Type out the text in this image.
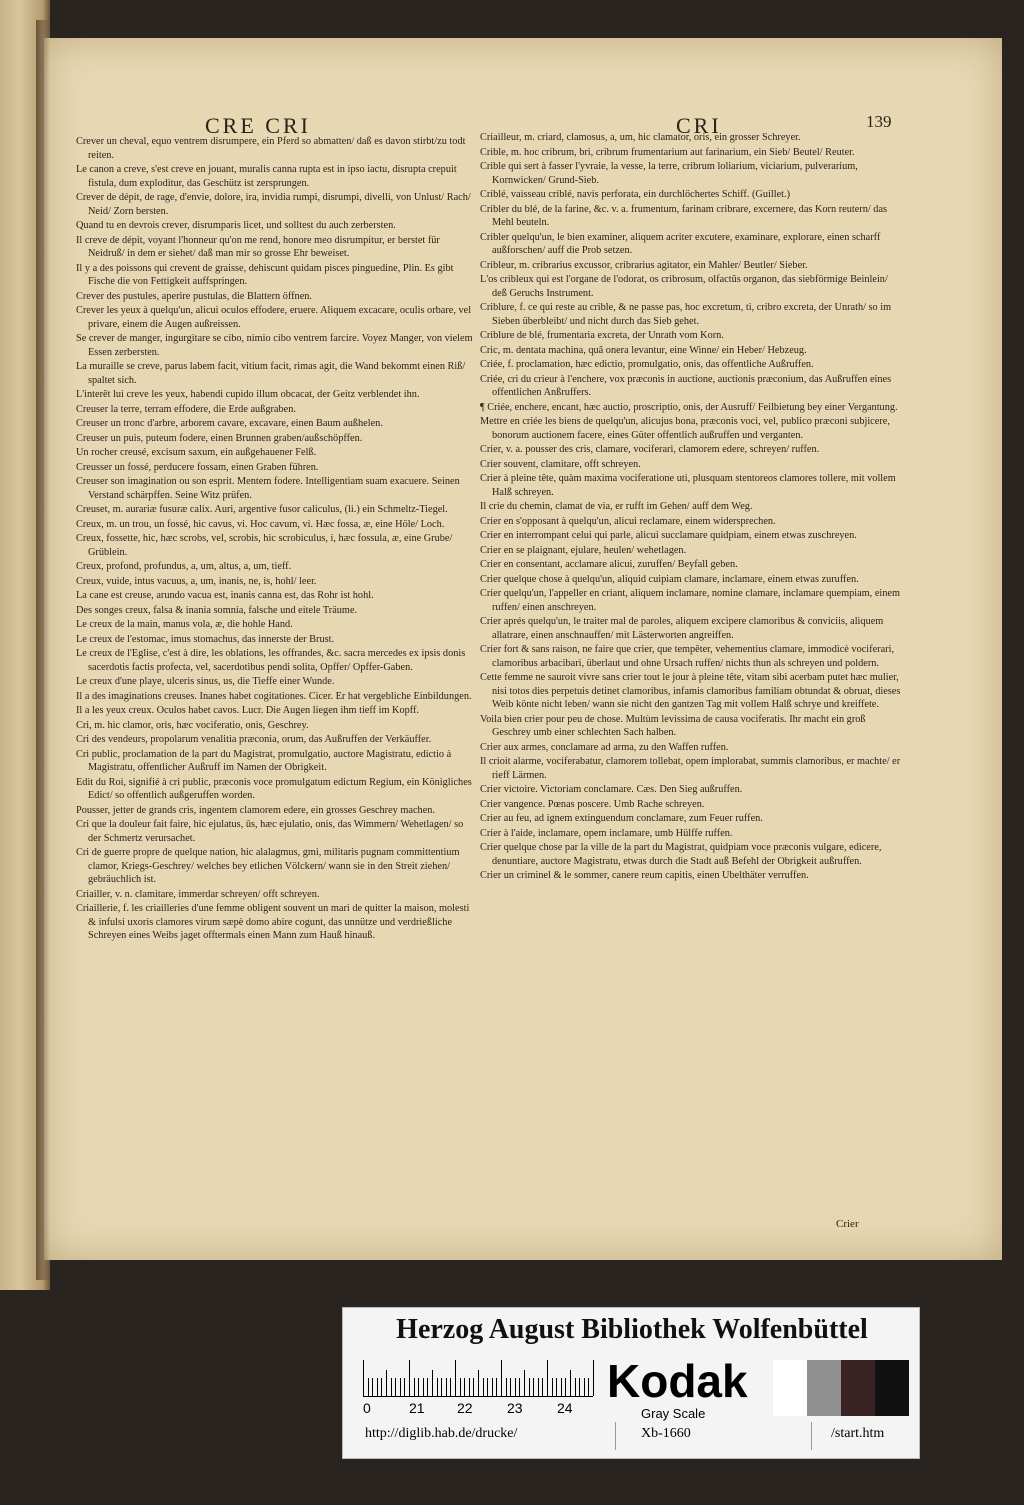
CRE CRI	CRI	139

Crever un cheval, equo ventrem disrumpere, ein Pferd so abmatten/ daß es davon stirbt/zu todt reiten.

Le canon a creve, s'est creve en jouant, muralis canna rupta est in ipso iactu, disrupta crepuit fistula, dum exploditur, das Geschütz ist zersprungen.

Crever de dépit, de rage, d'envie, dolore, ira, invidia rumpi, disrumpi, divelli, von Unlust/ Rach/ Neid/ Zorn bersten.

Quand tu en devrois crever, disrumparis licet, und solltest du auch zerbersten.

Il creve de dépit, voyant l'honneur qu'on me rend, honore meo disrumpitur, er berstet für Neidruß/ in dem er siehet/ daß man mir so grosse Ehr beweiset.

Il y a des poissons qui crevent de graisse, dehiscunt quidam pisces pinguedine, Plin. Es gibt Fische die von Fettigkeit auffspringen.

Crever des pustules, aperire pustulas, die Blattern öffnen.

Crever les yeux à quelqu'un, alicui oculos effodere, eruere. Aliquem excacare, oculis orbare, vel privare, einem die Augen außreissen.

Se crever de manger, ingurgitare se cibo, nimio cibo ventrem farcire. Voyez Manger, von vielem Essen zerbersten.

La muraille se creve, parus labem facit, vitium facit, rimas agit, die Wand bekommt einen Riß/ spaltet sich.

L'interêt lui creve les yeux, habendi cupido illum obcacat, der Geitz verblendet ihn.

Creuser la terre, terram effodere, die Erde außgraben.

Creuser un tronc d'arbre, arborem cavare, excavare, einen Baum außhelen.

Creuser un puis, puteum fodere, einen Brunnen graben/außschöpffen.

Un rocher creusé, excisum saxum, ein außgehauener Felß.

Creusser un fossé, perducere fossam, einen Graben führen.

Creuser son imagination ou son esprit. Mentem fodere. Intelligentiam suam exacuere. Seinen Verstand schärpffen. Seine Witz prüfen.

Creuset, m. aurariæ fusuræ calix. Auri, argentive fusor caliculus, (li.) ein Schmeltz-Tiegel.

Creux, m. un trou, un fossé, hic cavus, vi. Hoc cavum, vi. Hæc fossa, æ, eine Höle/ Loch.

Creux, fossette, hic, hæc scrobs, vel, scrobis, hic scrobiculus, i, hæc fossula, æ, eine Grube/ Grüblein.

Creux, profond, profundus, a, um, altus, a, um, tieff.

Creux, vuide, intus vacuus, a, um, inanis, ne, is, hohl/ leer.

La cane est creuse, arundo vacua est, inanis canna est, das Rohr ist hohl.

Des songes creux, falsa & inania somnia, falsche und eitele Träume.

Le creux de la main, manus vola, æ, die hohle Hand.

Le creux de l'estomac, imus stomachus, das innerste der Brust.

Le creux de l'Eglise, c'est à dire, les oblations, les offrandes, &c. sacra mercedes ex ipsis donis sacerdotis factis profecta, vel, sacerdotibus pendi solita, Opffer/ Opffer-Gaben.

Le creux d'une playe, ulceris sinus, us, die Tieffe einer Wunde.

Il a des imaginations creuses. Inanes habet cogitationes. Cicer. Er hat vergebliche Einbildungen.

Il a les yeux creux. Oculos habet cavos. Lucr. Die Augen liegen ihm tieff im Kopff.

Cri, m. hic clamor, oris, hæc vociferatio, onis, Geschrey.

Cri des vendeurs, propolarum venalitia præconia, orum, das Außruffen der Verkäuffer.

Cri public, proclamation de la part du Magistrat, promulgatio, auctore Magistratu, edictio à Magistratu, offentlicher Außruff im Namen der Obrigkeit.

Edit du Roi, signifié à cri public, præconis voce promulgatum edictum Regium, ein Königliches Edict/ so offentlich außgeruffen worden.

Pousser, jetter de grands cris, ingentem clamorem edere, ein grosses Geschrey machen.

Cri que la douleur fait faire, hic ejulatus, ûs, hæc ejulatio, onis, das Wimmern/ Wehetlagen/ so der Schmertz verursachet.

Cri de guerre propre de quelque nation, hic alalagmus, gmi, militaris pugnam committentium clamor, Kriegs-Geschrey/ welches bey etlichen Völckern/ wann sie in den Streit ziehen/ gebräuchlich ist.

Criailler, v. n. clamitare, immerdar schreyen/ offt schreyen.

Criaillerie, f. les criailleries d'une femme obligent souvent un mari de quitter la maison, molesti & infulsi uxoris clamores virum sæpè domo abire cogunt, das unnütze und verdrießliche Schreyen eines Weibs jaget offtermals einen Mann zum Hauß hinauß.

Criailleur, m. criard, clamosus, a, um, hic clamator, oris, ein grosser Schreyer.

Crible, m. hoc cribrum, bri, cribrum frumentarium aut farinarium, ein Sieb/ Beutel/ Reuter.

Crible qui sert à fasser l'yvraie, la vesse, la terre, cribrum loliarium, viciarium, pulverarium, Kornwicken/ Grund-Sieb.

Criblé, vaisseau criblé, navis perforata, ein durchlöchertes Schiff. (Guillet.)

Cribler du blé, de la farine, &c. v. a. frumentum, farinam cribrare, excernere, das Korn reutern/ das Mehl beuteln.

Cribler quelqu'un, le bien examiner, aliquem acriter excutere, examinare, explorare, einen scharff außforschen/ auff die Prob setzen.

Cribleur, m. cribrarius excussor, cribrarius agitator, ein Mahler/ Beutler/ Sieber.

L'os cribleux qui est l'organe de l'odorat, os cribrosum, olfactûs organon, das siebförmige Beinlein/ deß Geruchs Instrument.

Criblure, f. ce qui reste au crible, & ne passe pas, hoc excretum, ti, cribro excreta, der Unrath/ so im Sieben überbleibt/ und nicht durch das Sieb gehet.

Criblure de blé, frumentaria excreta, der Unrath vom Korn.

Cric, m. dentata machina, quâ onera levantur, eine Winne/ ein Heber/ Hebzeug.

Criée, f. proclamation, hæc edictio, promulgatio, onis, das offentliche Außruffen.

Criée, cri du crieur à l'enchere, vox præconis in auctione, auctionis præconium, das Außruffen eines offentlichen Anßruffers.

¶ Criée, enchere, encant, hæc auctio, proscriptio, onis, der Ausruff/ Feilbietung bey einer Vergantung.

Mettre en criée les biens de quelqu'un, alicujus bona, præconis voci, vel, publico præconi subjicere, bonorum auctionem facere, eines Güter offentlich außruffen und verganten.

Crier, v. a. pousser des cris, clamare, vociferari, clamorem edere, schreyen/ ruffen.

Crier souvent, clamitare, offt schreyen.

Crier à pleine tête, quàm maxima vociferatione uti, plusquam stentoreos clamores tollere, mit vollem Halß schreyen.

Il crie du chemin, clamat de via, er rufft im Gehen/ auff dem Weg.

Crier en s'opposant à quelqu'un, alicui reclamare, einem widersprechen.

Crier en interrompant celui qui parle, alicui succlamare quidpiam, einem etwas zuschreyen.

Crier en se plaignant, ejulare, heulen/ wehetlagen.

Crier en consentant, acclamare alicui, zuruffen/ Beyfall geben.

Crier quelque chose à quelqu'un, aliquid cuipiam clamare, inclamare, einem etwas zuruffen.

Crier quelqu'un, l'appeller en criant, aliquem inclamare, nomine clamare, inclamare quempiam, einem ruffen/ einen anschreyen.

Crier aprés quelqu'un, le traiter mal de paroles, aliquem excipere clamoribus & conviciis, aliquem allatrare, einen anschnauffen/ mit Lästerworten angreiffen.

Crier fort & sans raison, ne faire que crier, que tempêter, vehementius clamare, immodicè vociferari, clamoribus arbacibari, überlaut und ohne Ursach ruffen/ nichts thun als schreyen und poldern.

Cette femme ne sauroit vivre sans crier tout le jour à pleine tête, vitam sibi acerbam putet hæc mulier, nisi totos dies perpetuis detinet clamoribus, infamis clamoribus familiam obtundat & obruat, dieses Weib könte nicht leben/ wann sie nicht den gantzen Tag mit vollem Halß schrye und kreiffete.

Voila bien crier pour peu de chose. Multùm levissima de causa vociferatis. Ihr macht ein groß Geschrey umb einer schlechten Sach halben.

Crier aux armes, conclamare ad arma, zu den Waffen ruffen.

Il crioit alarme, vociferabatur, clamorem tollebat, opem implorabat, summis clamoribus, er machte/ er rieff Lärmen.

Crier victoire. Victoriam conclamare. Cæs. Den Sieg außruffen.

Crier vangence. Pœnas poscere. Umb Rache schreyen.

Crier au feu, ad ignem extinguendum conclamare, zum Feuer ruffen.

Crier à l'aide, inclamare, opem inclamare, umb Hülffe ruffen.

Crier quelque chose par la ville de la part du Magistrat, quidpiam voce præconis vulgare, edicere, denuntiare, auctore Magistratu, etwas durch die Stadt auß Befehl der Obrigkeit außruffen.

Crier un criminel & le sommer, canere reum capitis, einen Ubelthäter verruffen.

Crier
Herzog August Bibliothek Wolfenbüttel
0	21 22 23 24
Kodak
Gray Scale
http://diglib.hab.de/drucke/	Xb-1660	/start.htm
